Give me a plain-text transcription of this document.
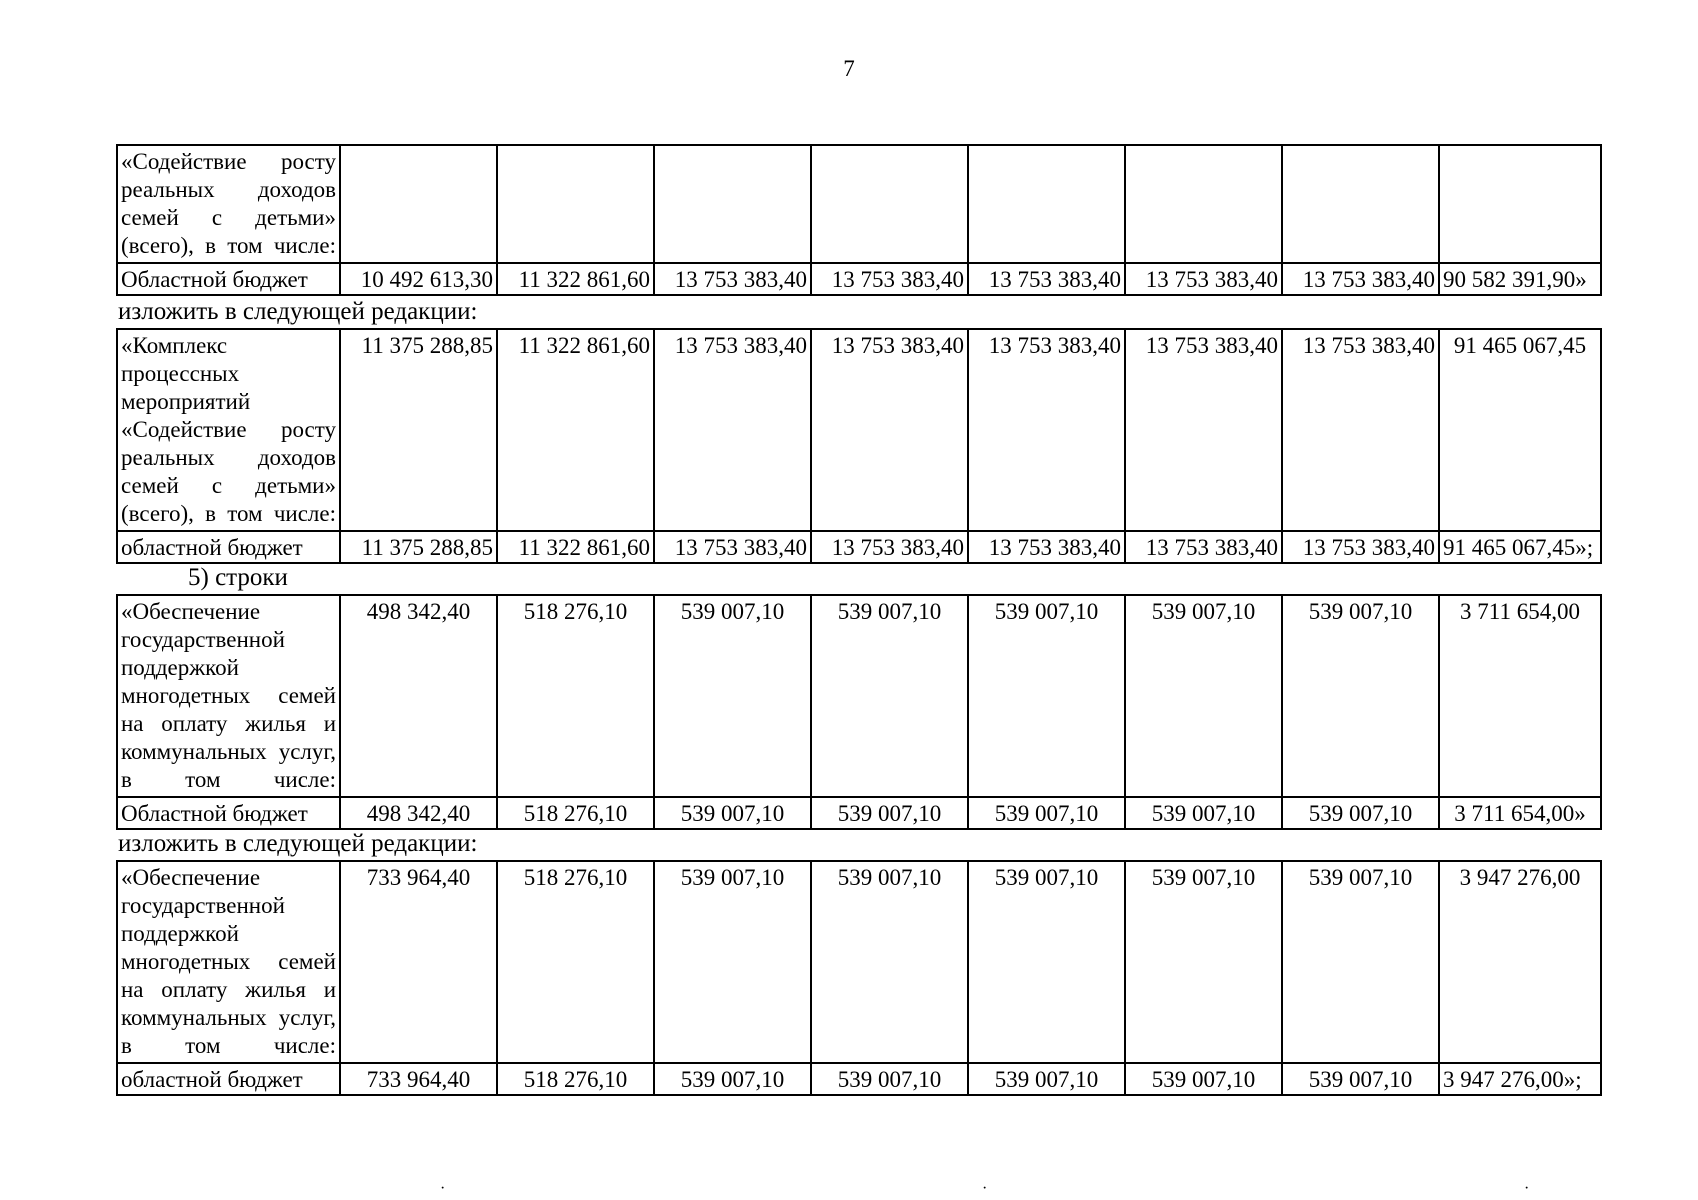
7
«Содействие росту реальных доходов семей с детьми» (всего), в том числе:								
Областной бюджет	10 492 613,30	11 322 861,60	13 753 383,40	13 753 383,40	13 753 383,40	13 753 383,40	13 753 383,40	90 582 391,90»
изложить в следующей редакции:
«Комплекс процессных мероприятий «Содействие росту реальных доходов семей с детьми» (всего), в том числе:	11 375 288,85	11 322 861,60	13 753 383,40	13 753 383,40	13 753 383,40	13 753 383,40	13 753 383,40	91 465 067,45
областной бюджет	11 375 288,85	11 322 861,60	13 753 383,40	13 753 383,40	13 753 383,40	13 753 383,40	13 753 383,40	91 465 067,45»;
5) строки
«Обеспечение государственной поддержкой многодетных семей на оплату жилья и коммунальных услуг, в том числе:	498 342,40	518 276,10	539 007,10	539 007,10	539 007,10	539 007,10	539 007,10	3 711 654,00
Областной бюджет	498 342,40	518 276,10	539 007,10	539 007,10	539 007,10	539 007,10	539 007,10	3 711 654,00»
изложить в следующей редакции:
«Обеспечение государственной поддержкой многодетных семей на оплату жилья и коммунальных услуг, в том числе:	733 964,40	518 276,10	539 007,10	539 007,10	539 007,10	539 007,10	539 007,10	3 947 276,00
областной бюджет	733 964,40	518 276,10	539 007,10	539 007,10	539 007,10	539 007,10	539 007,10	3 947 276,00»;
·	·	·
